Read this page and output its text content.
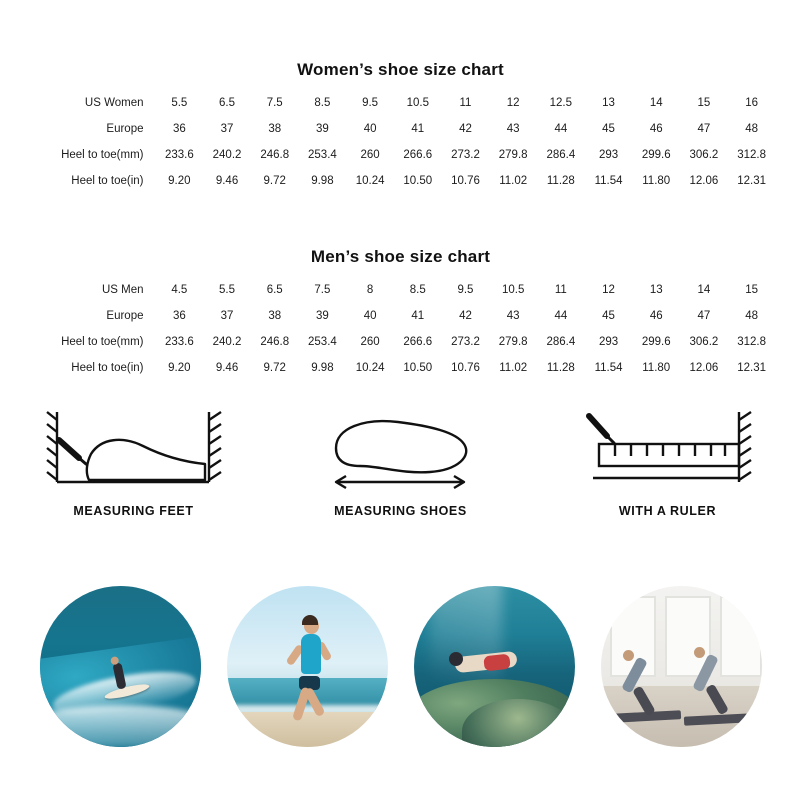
Women’s shoe size chart
US Women	5.5	6.5	7.5	8.5	9.5	10.5	11	12	12.5	13	14	15	16
Europe	36	37	38	39	40	41	42	43	44	45	46	47	48
Heel to toe(mm)	233.6	240.2	246.8	253.4	260	266.6	273.2	279.8	286.4	293	299.6	306.2	312.8
Heel to toe(in)	9.20	9.46	9.72	9.98	10.24	10.50	10.76	11.02	11.28	11.54	11.80	12.06	12.31
Men’s shoe size chart
US Men	4.5	5.5	6.5	7.5	8	8.5	9.5	10.5	11	12	13	14	15
Europe	36	37	38	39	40	41	42	43	44	45	46	47	48
Heel to toe(mm)	233.6	240.2	246.8	253.4	260	266.6	273.2	279.8	286.4	293	299.6	306.2	312.8
Heel to toe(in)	9.20	9.46	9.72	9.98	10.24	10.50	10.76	11.02	11.28	11.54	11.80	12.06	12.31
MEASURING FEET	MEASURING SHOES	WITH A RULER
